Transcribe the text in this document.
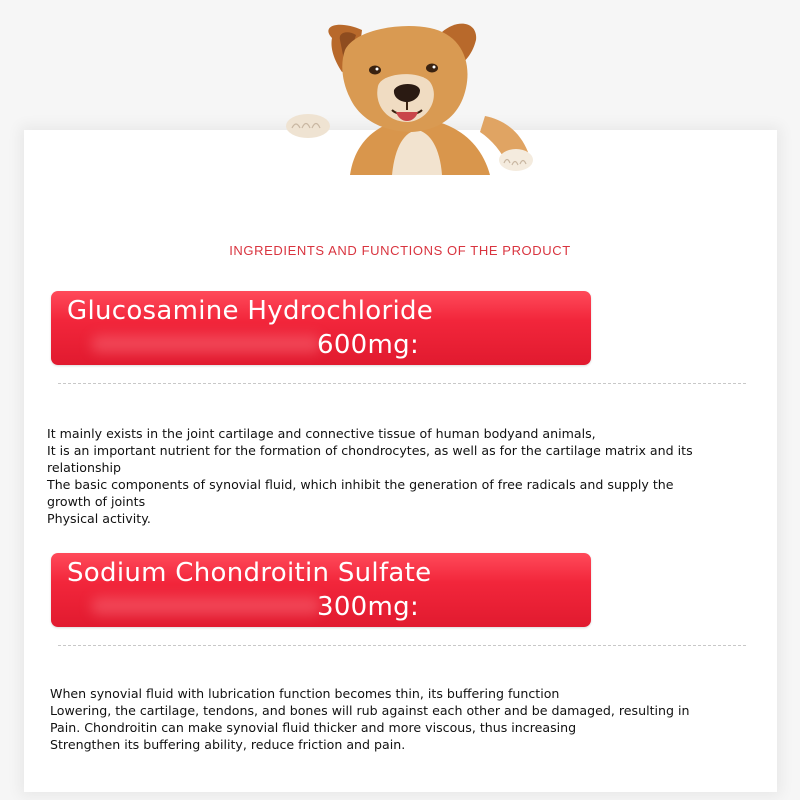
INGREDIENTS AND FUNCTIONS OF THE PRODUCT
Glucosamine Hydrochloride
600mg:
It mainly exists in the joint cartilage and connective tissue of human bodyand animals,
It is an important nutrient for the formation of chondrocytes, as well as for the cartilage matrix and its
relationship
The basic components of synovial fluid, which inhibit the generation of free radicals and supply the
growth of joints
Physical activity.
Sodium Chondroitin Sulfate
300mg:
When synovial fluid with lubrication function becomes thin, its buffering function
Lowering, the cartilage, tendons, and bones will rub against each other and be damaged, resulting in
Pain. Chondroitin can make synovial fluid thicker and more viscous, thus increasing
Strengthen its buffering ability, reduce friction and pain.
